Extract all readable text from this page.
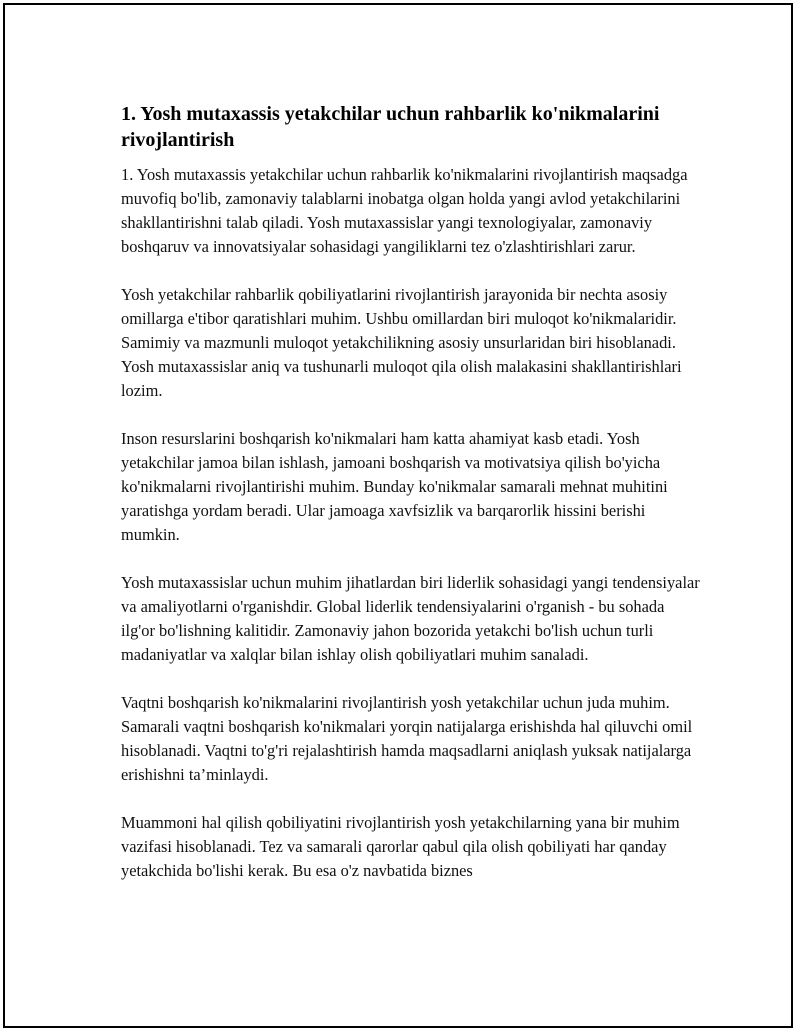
1. Yosh mutaxassis yetakchilar uchun rahbarlik ko'nikmalarini rivojlantirish

1. Yosh mutaxassis yetakchilar uchun rahbarlik ko'nikmalarini rivojlantirish maqsadga muvofiq bo'lib, zamonaviy talablarni inobatga olgan holda yangi avlod yetakchilarini shakllantirishni talab qiladi. Yosh mutaxassislar yangi texnologiyalar, zamonaviy boshqaruv va innovatsiyalar sohasidagi yangiliklarni tez o'zlashtirishlari zarur.

Yosh yetakchilar rahbarlik qobiliyatlarini rivojlantirish jarayonida bir nechta asosiy omillarga e'tibor qaratishlari muhim. Ushbu omillardan biri muloqot ko'nikmalaridir. Samimiy va mazmunli muloqot yetakchilikning asosiy unsurlaridan biri hisoblanadi. Yosh mutaxassislar aniq va tushunarli muloqot qila olish malakasini shakllantirishlari lozim.

Inson resurslarini boshqarish ko'nikmalari ham katta ahamiyat kasb etadi. Yosh yetakchilar jamoa bilan ishlash, jamoani boshqarish va motivatsiya qilish bo'yicha ko'nikmalarni rivojlantirishi muhim. Bunday ko'nikmalar samarali mehnat muhitini yaratishga yordam beradi. Ular jamoaga xavfsizlik va barqarorlik hissini berishi mumkin.

Yosh mutaxassislar uchun muhim jihatlardan biri liderlik sohasidagi yangi tendensiyalar va amaliyotlarni o'rganishdir. Global liderlik tendensiyalarini o'rganish - bu sohada ilg'or bo'lishning kalitidir. Zamonaviy jahon bozorida yetakchi bo'lish uchun turli madaniyatlar va xalqlar bilan ishlay olish qobiliyatlari muhim sanaladi.

Vaqtni boshqarish ko'nikmalarini rivojlantirish yosh yetakchilar uchun juda muhim. Samarali vaqtni boshqarish ko'nikmalari yorqin natijalarga erishishda hal qiluvchi omil hisoblanadi. Vaqtni to'g'ri rejalashtirish hamda maqsadlarni aniqlash yuksak natijalarga erishishni ta’minlaydi.

Muammoni hal qilish qobiliyatini rivojlantirish yosh yetakchilarning yana bir muhim vazifasi hisoblanadi. Tez va samarali qarorlar qabul qila olish qobiliyati har qanday yetakchida bo'lishi kerak. Bu esa o'z navbatida biznes
